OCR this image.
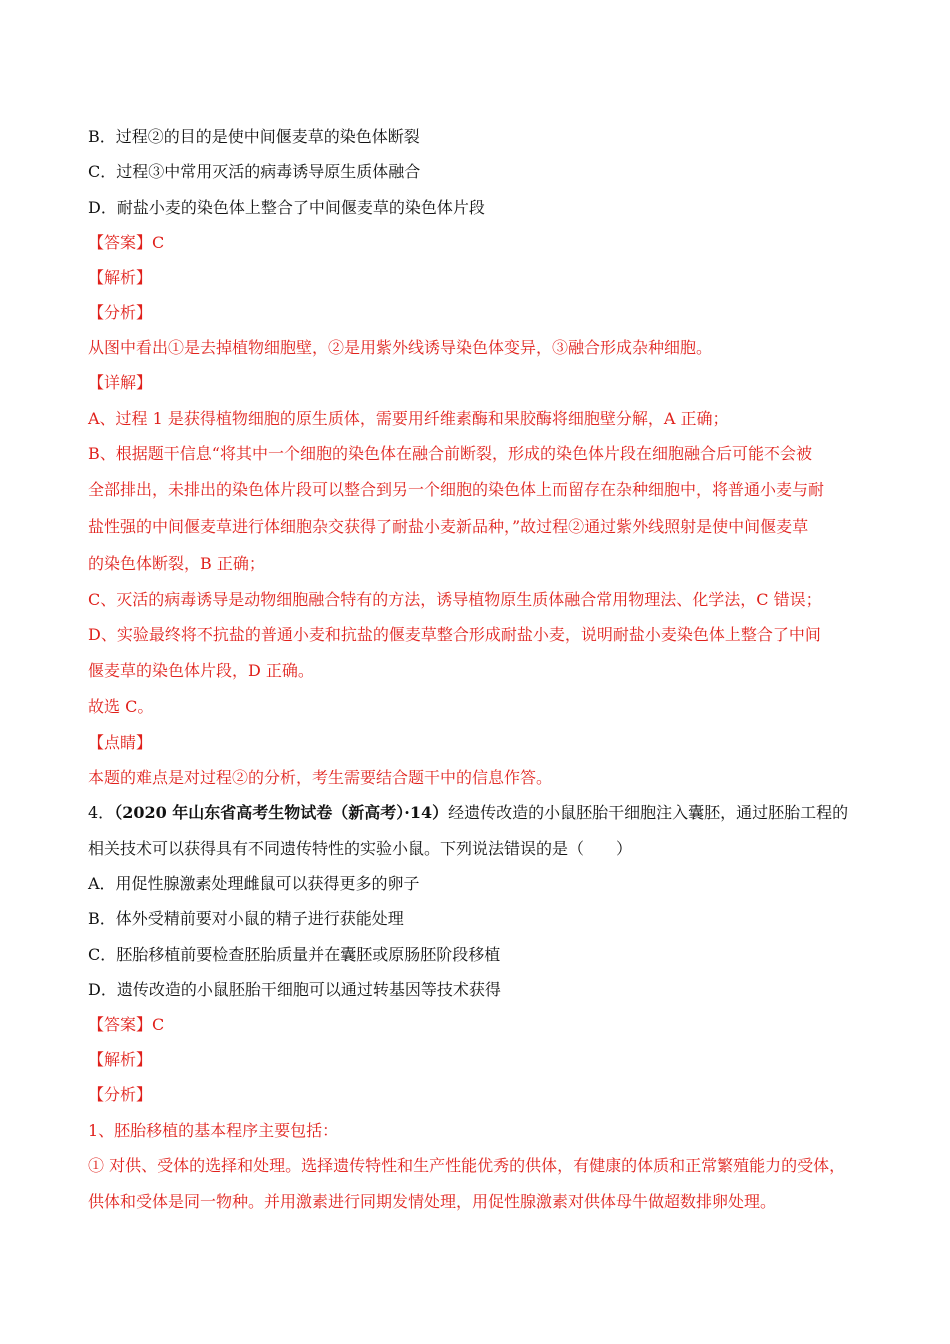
B．过程②的目的是使中间偃麦草的染色体断裂
C．过程③中常用灭活的病毒诱导原生质体融合
D．耐盐小麦的染色体上整合了中间偃麦草的染色体片段
【答案】C
【解析】
【分析】
从图中看出①是去掉植物细胞壁，②是用紫外线诱导染色体变异，③融合形成杂种细胞。
【详解】
A、过程 1 是获得植物细胞的原生质体，需要用纤维素酶和果胶酶将细胞壁分解，A 正确；
B、根据题干信息“将其中一个细胞的染色体在融合前断裂，形成的染色体片段在细胞融合后可能不会被
全部排出，未排出的染色体片段可以整合到另一个细胞的染色体上而留存在杂种细胞中，将普通小麦与耐
盐性强的中间偃麦草进行体细胞杂交获得了耐盐小麦新品种，”故过程②通过紫外线照射是使中间偃麦草
的染色体断裂，B 正确；
C、灭活的病毒诱导是动物细胞融合特有的方法，诱导植物原生质体融合常用物理法、化学法，C 错误；
D、实验最终将不抗盐的普通小麦和抗盐的偃麦草整合形成耐盐小麦，说明耐盐小麦染色体上整合了中间
偃麦草的染色体片段，D 正确。
故选 C。
【点睛】
本题的难点是对过程②的分析，考生需要结合题干中的信息作答。
4．（2020 年山东省高考生物试卷（新高考）·14）经遗传改造的小鼠胚胎干细胞注入囊胚，通过胚胎工程的
相关技术可以获得具有不同遗传特性的实验小鼠。下列说法错误的是（　　）
A．用促性腺激素处理雌鼠可以获得更多的卵子
B．体外受精前要对小鼠的精子进行获能处理
C．胚胎移植前要检查胚胎质量并在囊胚或原肠胚阶段移植
D．遗传改造的小鼠胚胎干细胞可以通过转基因等技术获得
【答案】C
【解析】
【分析】
1、胚胎移植的基本程序主要包括：
① 对供、受体的选择和处理。选择遗传特性和生产性能优秀的供体，有健康的体质和正常繁殖能力的受体，
供体和受体是同一物种。并用激素进行同期发情处理，用促性腺激素对供体母牛做超数排卵处理。
